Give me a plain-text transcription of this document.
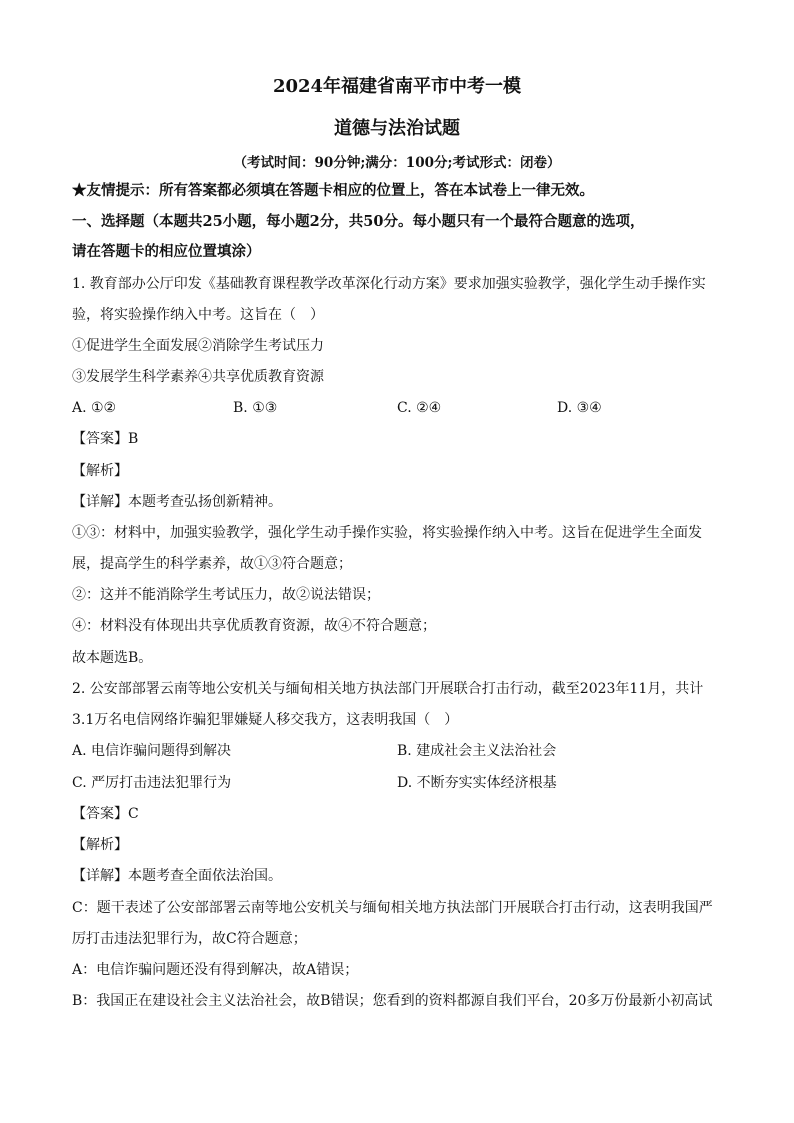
2024年福建省南平市中考一模
道德与法治试题
（考试时间：90分钟;满分：100分;考试形式：闭卷）
★友情提示：所有答案都必须填在答题卡相应的位置上，答在本试卷上一律无效。
一、选择题（本题共25小题，每小题2分，共50分。每小题只有一个最符合题意的选项，
请在答题卡的相应位置填涂）
1. 教育部办公厅印发《基础教育课程教学改革深化行动方案》要求加强实验教学，强化学生动手操作实
验，将实验操作纳入中考。这旨在（　）
①促进学生全面发展②消除学生考试压力
③发展学生科学素养④共享优质教育资源
A. ①②	B. ①③	C. ②④	D. ③④
【答案】B
【解析】
【详解】本题考查弘扬创新精神。
①③：材料中，加强实验教学，强化学生动手操作实验，将实验操作纳入中考。这旨在促进学生全面发
展，提高学生的科学素养，故①③符合题意；
②：这并不能消除学生考试压力，故②说法错误；
④：材料没有体现出共享优质教育资源，故④不符合题意；
故本题选B。
2. 公安部部署云南等地公安机关与缅甸相关地方执法部门开展联合打击行动，截至2023年11月，共计
3.1万名电信网络诈骗犯罪嫌疑人移交我方，这表明我国（　）
A. 电信诈骗问题得到解决	B. 建成社会主义法治社会
C. 严厉打击违法犯罪行为	D. 不断夯实实体经济根基
【答案】C
【解析】
【详解】本题考查全面依法治国。
C：题干表述了公安部部署云南等地公安机关与缅甸相关地方执法部门开展联合打击行动，这表明我国严
厉打击违法犯罪行为，故C符合题意；
A：电信诈骗问题还没有得到解决，故A错误；
B：我国正在建设社会主义法治社会，故B错误；您看到的资料都源自我们平台，20多万份最新小初高试
